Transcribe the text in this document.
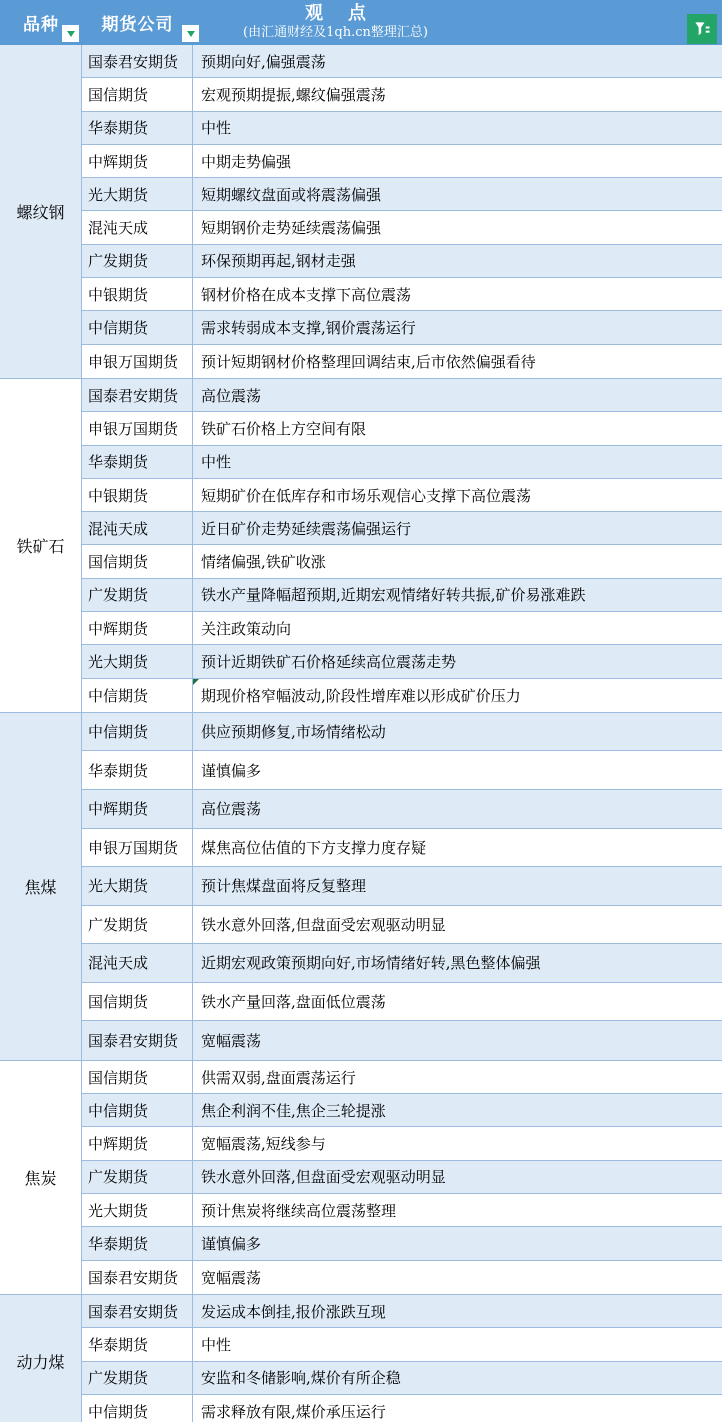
品种	期货公司
观    点
(由汇通财经及1qh.cn整理汇总)
螺纹钢
国泰君安期货 预期向好,偏强震荡
国信期货	宏观预期提振,螺纹偏强震荡
华泰期货	中性
中辉期货	中期走势偏强
光大期货	短期螺纹盘面或将震荡偏强
混沌天成	短期钢价走势延续震荡偏强
广发期货	环保预期再起,钢材走强
中银期货	钢材价格在成本支撑下高位震荡
中信期货	需求转弱成本支撑,钢价震荡运行
申银万国期货 预计短期钢材价格整理回调结束,后市依然偏强看待
铁矿石
国泰君安期货 高位震荡
申银万国期货 铁矿石价格上方空间有限
华泰期货	中性
中银期货	短期矿价在低库存和市场乐观信心支撑下高位震荡
混沌天成	近日矿价走势延续震荡偏强运行
国信期货	情绪偏强,铁矿收涨
广发期货	铁水产量降幅超预期,近期宏观情绪好转共振,矿价易涨难跌
中辉期货	关注政策动向
光大期货	预计近期铁矿石价格延续高位震荡走势
中信期货	期现价格窄幅波动,阶段性增库难以形成矿价压力
焦煤
中信期货	供应预期修复,市场情绪松动
华泰期货	谨慎偏多
中辉期货	高位震荡
申银万国期货 煤焦高位估值的下方支撑力度存疑
光大期货	预计焦煤盘面将反复整理
广发期货	铁水意外回落,但盘面受宏观驱动明显
混沌天成	近期宏观政策预期向好,市场情绪好转,黑色整体偏强
国信期货	铁水产量回落,盘面低位震荡
国泰君安期货 宽幅震荡
焦炭
国信期货	供需双弱,盘面震荡运行
中信期货	焦企利润不佳,焦企三轮提涨
中辉期货	宽幅震荡,短线参与
广发期货	铁水意外回落,但盘面受宏观驱动明显
光大期货	预计焦炭将继续高位震荡整理
华泰期货	谨慎偏多
国泰君安期货 宽幅震荡
动力煤
国泰君安期货 发运成本倒挂,报价涨跌互现
华泰期货	中性
广发期货	安监和冬储影响,煤价有所企稳
中信期货	需求释放有限,煤价承压运行
